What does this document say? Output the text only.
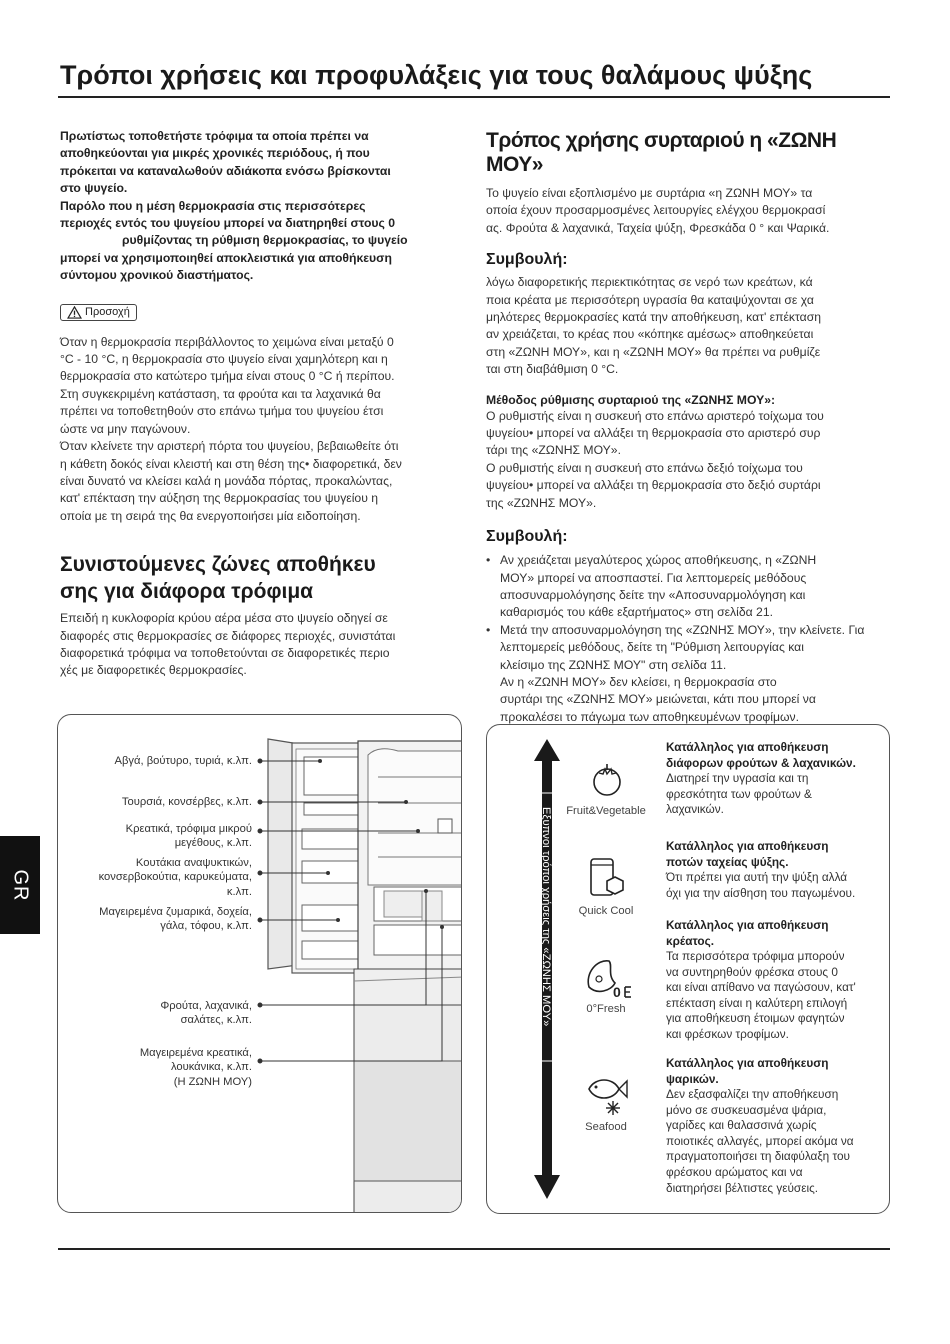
Τρόποι χρήσεις και προφυλάξεις για τους θαλάμους ψύξης
GR

Πρωτίστως τοποθετήστε τρόφιμα τα οποία πρέπει να

αποθηκεύονται για μικρές χρονικές περιόδους, ή που

πρόκειται να καταναλωθούν αδιάκοπα ενόσω βρίσκονται

στο ψυγείο.

Παρόλο που η μέση θερμοκρασία στις περισσότερες

περιοχές εντός του ψυγείου μπορεί να διατηρηθεί στους 0

ρυθμίζοντας τη ρύθμιση θερμοκρασίας, το ψυγείο

μπορεί να χρησιμοποιηθεί αποκλειστικά για αποθήκευση

σύντομου χρονικού διαστήματος.

Προσοχή

Όταν η θερμοκρασία περιβάλλοντος το χειμώνα είναι μεταξύ 0

°C - 10 °C, η θερμοκρασία στο ψυγείο είναι χαμηλότερη και η

θερμοκρασία στο κατώτερο τμήμα είναι στους 0 °C ή περίπου.

Στη συγκεκριμένη κατάσταση, τα φρούτα και τα λαχανικά θα

πρέπει να τοποθετηθούν στο επάνω τμήμα του ψυγείου έτσι

ώστε να μην παγώνουν.

Όταν κλείνετε την αριστερή πόρτα του ψυγείου, βεβαιωθείτε ότι

η κάθετη δοκός είναι κλειστή και στη θέση της• διαφορετικά, δεν

είναι δυνατό να κλείσει καλά η μονάδα πόρτας, προκαλώντας,

κατ' επέκταση την αύξηση της θερμοκρασίας του ψυγείου η

οποία με τη σειρά της θα ενεργοποιήσει μία ειδοποίηση.

Συνιστούμενες ζώνες αποθήκευ
σης για διάφορα τρόφιμα

Επειδή η κυκλοφορία κρύου αέρα μέσα στο ψυγείο οδηγεί σε

διαφορές στις θερμοκρασίες σε διάφορες περιοχές, συνιστάται

διαφορετικά τρόφιμα να τοποθετούνται σε διαφορετικές περιο

χές με διαφορετικές θερμοκρασίες.

Τρόπος χρήσης συρταριού η «ΖΩΝΗ ΜΟΥ»

Το ψυγείο είναι εξοπλισμένο με συρτάρια «η ΖΩΝΗ ΜΟΥ» τα

οποία έχουν προσαρμοσμένες λειτουργίες ελέγχου θερμοκρασί

ας. Φρούτα & λαχανικά, Ταχεία ψύξη, Φρεσκάδα 0 ° και Ψαρικά.

Συμβουλή:

λόγω διαφορετικής περιεκτικότητας σε νερό των κρεάτων, κά

ποια κρέατα με περισσότερη υγρασία θα καταψύχονται σε χα

μηλότερες θερμοκρασίες κατά την αποθήκευση, κατ' επέκταση

αν χρειάζεται, το κρέας που «κόπηκε αμέσως» αποθηκεύεται

στη «ΖΩΝΗ ΜΟΥ», και η «ΖΩΝΗ ΜΟΥ» θα πρέπει να ρυθμίζε

ται στη διαβάθμιση 0 °C.

Μέθοδος ρύθμισης συρταριού της «ΖΩΝΗΣ ΜΟΥ»:

Ο ρυθμιστής είναι η συσκευή στο επάνω αριστερό τοίχωμα του

ψυγείου• μπορεί να αλλάξει τη θερμοκρασία στο αριστερό συρ

τάρι της «ΖΩΝΗΣ ΜΟΥ».

Ο ρυθμιστής είναι η συσκευή στο επάνω δεξιό τοίχωμα του

ψυγείου• μπορεί να αλλάξει τη θερμοκρασία στο δεξιό συρτάρι

της «ΖΩΝΗΣ ΜΟΥ».

Συμβουλή:
• Αν χρειάζεται μεγαλύτερος χώρος αποθήκευσης, η «ΖΩΝΗ
ΜΟΥ» μπορεί να αποσπαστεί. Για λεπτομερείς μεθόδους
αποσυναρμολόγησης δείτε την «Αποσυναρμολόγηση και
καθαρισμός του κάθε εξαρτήματος» στη σελίδα 21.
• Μετά την αποσυναρμολόγηση της «ΖΩΝΗΣ ΜΟΥ», την κλείνετε. Για
λεπτομερείς μεθόδους, δείτε τη "Ρύθμιση λειτουργίας και
κλείσιμο της ΖΩΝΗΣ ΜΟΥ" στη σελίδα 11.
Αν η «ΖΩΝΗ ΜΟΥ» δεν κλείσει, η θερμοκρασία στο
συρτάρι της «ΖΩΝΗΣ ΜΟΥ» μειώνεται, κάτι που μπορεί να
προκαλέσει το πάγωμα των αποθηκευμένων τροφίμων.
Αβγά, βούτυρο, τυριά, κ.λπ.
Τουρσιά, κονσέρβες, κ.λπ.
Κρεατικά, τρόφιμα μικρού
μεγέθους, κ.λπ.
Κουτάκια αναψυκτικών,
κονσερβοκούτια, καρυκεύματα,
κ.λπ.
Μαγειρεμένα ζυμαρικά, δοχεία,
γάλα, τόφου, κ.λπ.
Φρούτα, λαχανικά,
σαλάτες, κ.λπ.
Μαγειρεμένα κρεατικά,
λουκάνικα, κ.λπ.
(Η ΖΩΝΗ ΜΟΥ)
Εξυπνοι τρόποι χρήσεις της «ΖΩΝΗΣ ΜΟΥ»	Fruit&Vegetable
Quick Cool
0
0°Fresh
Seafood
Κατάλληλος για αποθήκευση
διάφορων φρούτων & λαχανικών.
Διατηρεί την υγρασία και τη
φρεσκότητα των φρούτων &
λαχανικών.
Κατάλληλος για αποθήκευση
ποτών ταχείας ψύξης.
Ότι πρέπει για αυτή την ψύξη αλλά
όχι για την αίσθηση του παγωμένου.
Κατάλληλος για αποθήκευση
κρέατος.
Τα περισσότερα τρόφιμα μπορούν
να συντηρηθούν φρέσκα στους 0
και είναι απίθανο να παγώσουν, κατ'
επέκταση είναι η καλύτερη επιλογή
για αποθήκευση έτοιμων φαγητών
και φρέσκων τροφίμων.
Κατάλληλος για αποθήκευση
ψαρικών.
Δεν εξασφαλίζει την αποθήκευση
μόνο σε συσκευασμένα ψάρια,
γαρίδες και θαλασσινά χωρίς
ποιοτικές αλλαγές, μπορεί ακόμα να
πραγματοποιήσει τη διαφύλαξη του
φρέσκου αρώματος και να
διατηρήσει βέλτιστες γεύσεις.
